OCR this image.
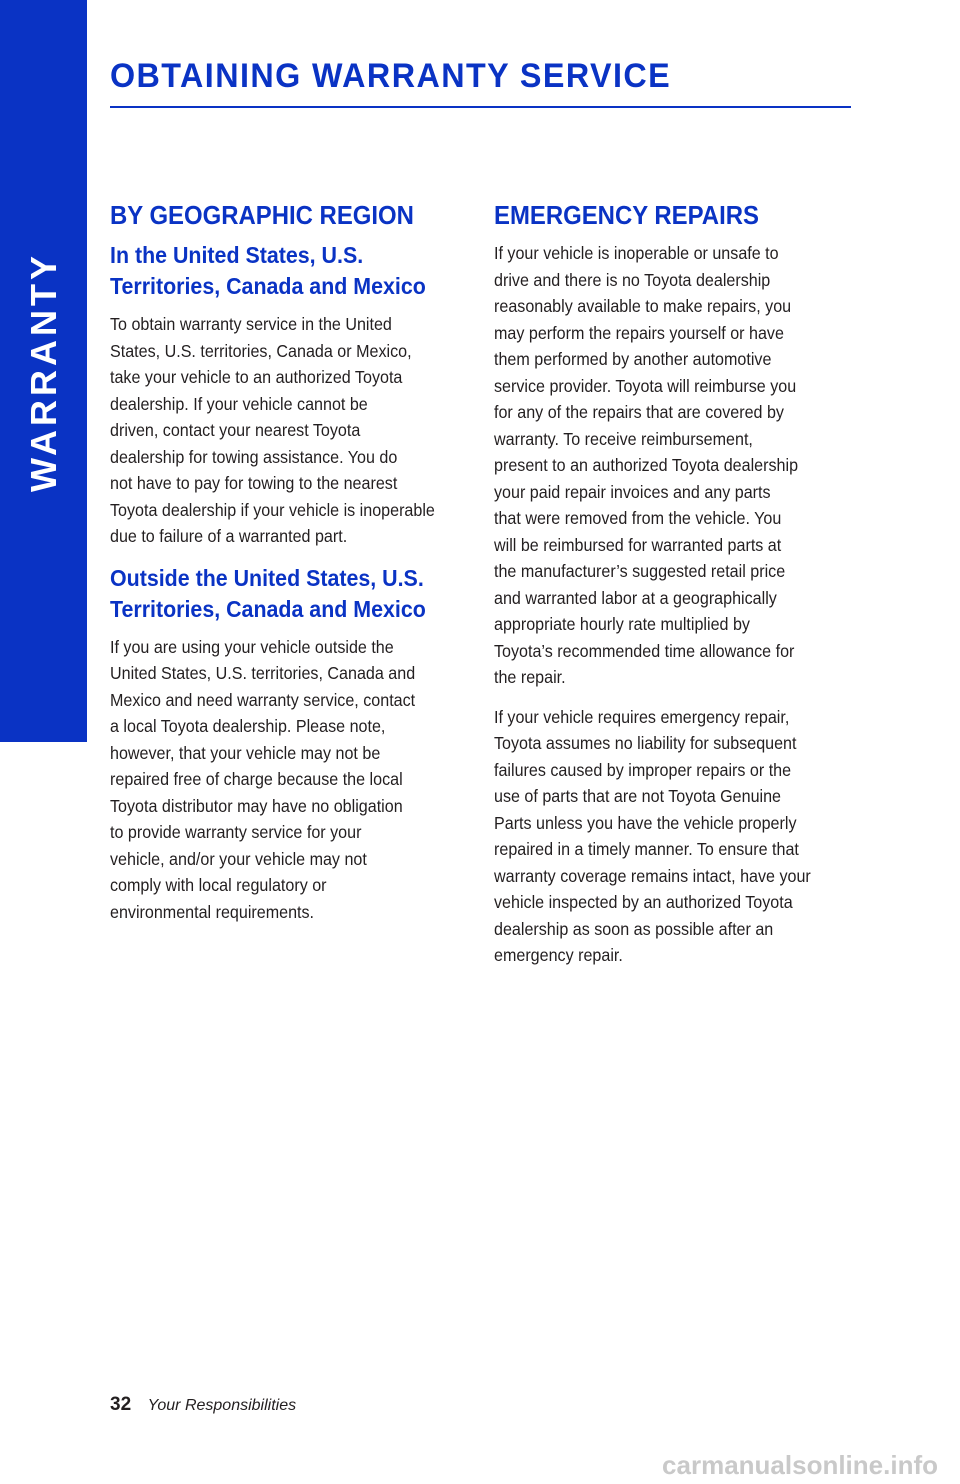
WARRANTY
OBTAINING WARRANTY SERVICE
BY GEOGRAPHIC REGION
In the United States, U.S.
Territories, Canada and Mexico

To obtain warranty service in the United
States, U.S. territories, Canada or Mexico,
take your vehicle to an authorized Toyota
dealership. If your vehicle cannot be
driven, contact your nearest Toyota
dealership for towing assistance. You do
not have to pay for towing to the nearest
Toyota dealership if your vehicle is inoperable
due to failure of a warranted part.

Outside the United States, U.S.
Territories, Canada and Mexico

If you are using your vehicle outside the
United States, U.S. territories, Canada and
Mexico and need warranty service, contact
a local Toyota dealership. Please note,
however, that your vehicle may not be
repaired free of charge because the local
Toyota distributor may have no obligation
to provide warranty service for your
vehicle, and/or your vehicle may not
comply with local regulatory or
environmental requirements.

EMERGENCY REPAIRS

If your vehicle is inoperable or unsafe to
drive and there is no Toyota dealership
reasonably available to make repairs, you
may perform the repairs yourself or have
them performed by another automotive
service provider. Toyota will reimburse you
for any of the repairs that are covered by
warranty. To receive reimbursement,
present to an authorized Toyota dealership
your paid repair invoices and any parts
that were removed from the vehicle. You
will be reimbursed for warranted parts at
the manufacturer’s suggested retail price
and warranted labor at a geographically
appropriate hourly rate multiplied by
Toyota’s recommended time allowance for
the repair.

If your vehicle requires emergency repair,
Toyota assumes no liability for subsequent
failures caused by improper repairs or the
use of parts that are not Toyota Genuine
Parts unless you have the vehicle properly
repaired in a timely manner. To ensure that
warranty coverage remains intact, have your
vehicle inspected by an authorized Toyota
dealership as soon as possible after an
emergency repair.

32 Your Responsibilities
carmanualsonline.info
